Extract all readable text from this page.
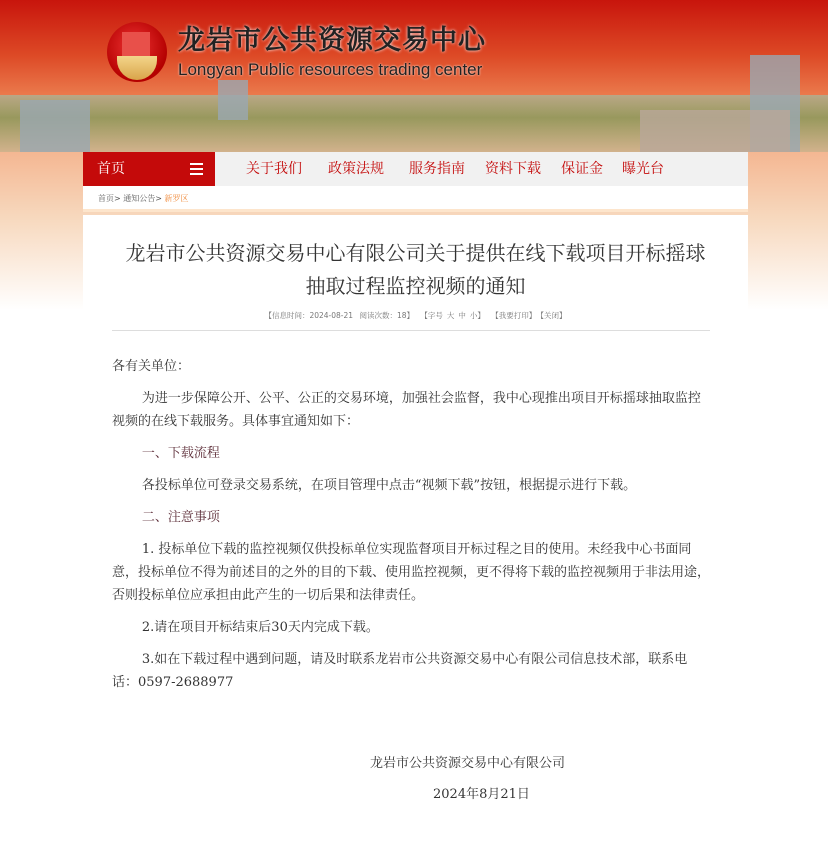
龙岩市公共资源交易中心
Longyan Public resources trading center
首页	关于我们 政策法规 服务指南 资料下载 保证金 曝光台
首页> 通知公告> 新罗区
龙岩市公共资源交易中心有限公司关于提供在线下载项目开标摇球
抽取过程监控视频的通知
【信息时间：2024-08-21 阅读次数：18】 【字号 大 中 小】 【我要打印】 【关闭】

各有关单位：

为进一步保障公开、公平、公正的交易环境，加强社会监督，我中心现推出项目开标摇球抽取监控视频的在线下载服务。具体事宜通知如下：

一、下载流程

各投标单位可登录交易系统，在项目管理中点击“视频下载”按钮，根据提示进行下载。

二、注意事项

1. 投标单位下载的监控视频仅供投标单位实现监督项目开标过程之目的使用。未经我中心书面同意，投标单位不得为前述目的之外的目的下载、使用监控视频，更不得将下载的监控视频用于非法用途，否则投标单位应承担由此产生的一切后果和法律责任。

2.请在项目开标结束后30天内完成下载。

3.如在下载过程中遇到问题，请及时联系龙岩市公共资源交易中心有限公司信息技术部，联系电话：0597-2688977

龙岩市公共资源交易中心有限公司
2024年8月21日
